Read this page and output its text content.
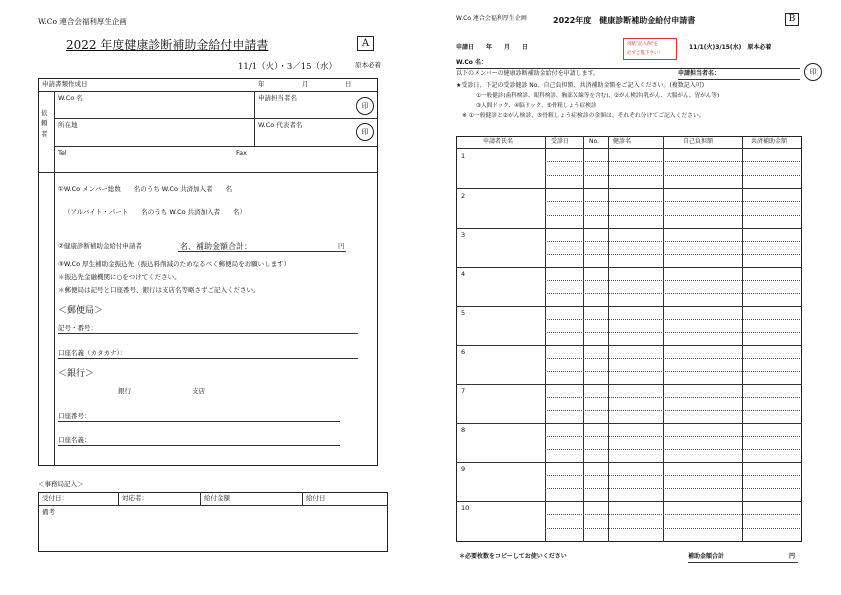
W.Co 連合会福利厚生企画
2022 年度健康診断補助金給付申請書	A
11/1（火）・3／15（水）	原本必着
申請書類作成日	年	月	日
依頼者
W.Co 名	申請担当者名
印
所在地	W.Co 代表者名
印
Tel	Fax
①W.Co メンバー総数　　名のうち W.Co 共済加入者　　名
（アルバイト・パート　　名のうち W.Co 共済加入者　　名）
②健康診断補助金給付申請者	名、補助金額合計：	円
③W.Co 厚生補助金振込先（振込料削減のためなるべく郵便局をお願いします）
＊振込先金融機関に○をつけてください。
＊郵便局は記号と口座番号、銀行は支店名等略さずご記入ください。
＜郵便局＞
記号・番号：
口座名義（カタカナ）：
＜銀行＞
銀行	支店
口座番号：
口座名義：
＜事務局記入＞
受付日：	対応者：	給付金額	給付日
備考
W.Co 連合会福利厚生企画	2022年度　健康診断補助金給付申請書	B
申請日　　年　　月　　日	別紙"記入例"を
必ずご覧下さい！
11/1(火)3/15(水)　原本必着
W.Co 名：
以下のメンバーの健康診断補助金給付を申請します。	申請担当者名：	印
★受診日、下記の受診健診 No、自己負担額、共済補助金額をご記入ください。(複数記入可)
①一般健診(歯科検診、眼科検診、胸部Ｘ線等を含む)、②がん検診(乳がん、大腸がん、胃がん等)
③人間ドック、④脳ドック、⑤骨粗しょう症検診
※ ①一般健診と②がん検診、⑤骨粗しょう症検診の金額は、それぞれ分けてご記入ください。
申請者氏名	受診日	No. 健診名	自己負担額	共済補助金額
1
2
3
4
5
6
7
8
9
10
＊必要枚数をコピーしてお使いください	補助金額合計	円
